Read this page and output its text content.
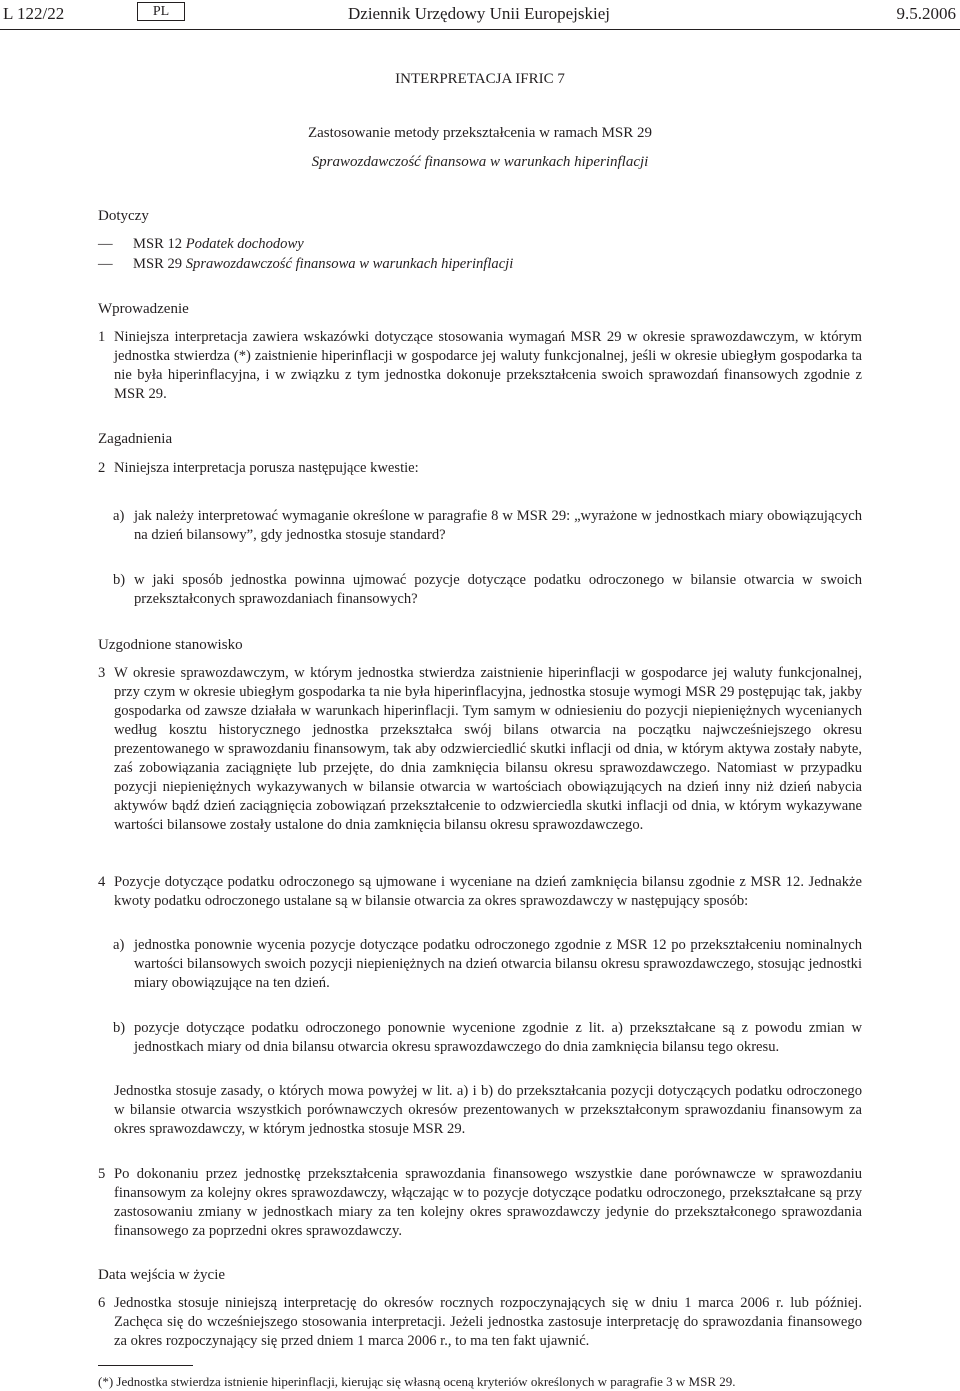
L 122/22	PL	Dziennik Urzędowy Unii Europejskiej	9.5.2006
INTERPRETACJA IFRIC 7
Zastosowanie metody przekształcenia w ramach MSR 29
Sprawozdawczość finansowa w warunkach hiperinflacji
Dotyczy
— MSR 12 Podatek dochodowy
— MSR 29 Sprawozdawczość finansowa w warunkach hiperinflacji
Wprowadzenie
1 Niniejsza interpretacja zawiera wskazówki dotyczące stosowania wymagań MSR 29 w okresie sprawozdawczym, w którym jednostka stwierdza (*) zaistnienie hiperinflacji w gospodarce jej waluty funkcjonalnej, jeśli w okresie ubiegłym gospodarka ta nie była hiperinflacyjna, i w związku z tym jednostka dokonuje przekształcenia swoich sprawozdań finansowych zgodnie z MSR 29.
Zagadnienia
2 Niniejsza interpretacja porusza następujące kwestie:
a) jak należy interpretować wymaganie określone w paragrafie 8 w MSR 29: „wyrażone w jednostkach miary obowiązujących na dzień bilansowy”, gdy jednostka stosuje standard?
b) w jaki sposób jednostka powinna ujmować pozycje dotyczące podatku odroczonego w bilansie otwarcia w swoich przekształconych sprawozdaniach finansowych?
Uzgodnione stanowisko
3 W okresie sprawozdawczym, w którym jednostka stwierdza zaistnienie hiperinflacji w gospodarce jej waluty funkcjonalnej, przy czym w okresie ubiegłym gospodarka ta nie była hiperinflacyjna, jednostka stosuje wymogi MSR 29 postępując tak, jakby gospodarka od zawsze działała w warunkach hiperinflacji. Tym samym w odniesieniu do pozycji niepieniężnych wycenianych według kosztu historycznego jednostka przekształca swój bilans otwarcia na początku najwcześniejszego okresu prezentowanego w sprawozdaniu finansowym, tak aby odzwierciedlić skutki inflacji od dnia, w którym aktywa zostały nabyte, zaś zobowiązania zaciągnięte lub przejęte, do dnia zamknięcia bilansu okresu sprawozdawczego. Natomiast w przypadku pozycji niepieniężnych wykazywanych w bilansie otwarcia w wartościach obowiązujących na dzień inny niż dzień nabycia aktywów bądź dzień zaciągnięcia zobowiązań przekształcenie to odzwierciedla skutki inflacji od dnia, w którym wykazywane wartości bilansowe zostały ustalone do dnia zamknięcia bilansu okresu sprawozdawczego.
4 Pozycje dotyczące podatku odroczonego są ujmowane i wyceniane na dzień zamknięcia bilansu zgodnie z MSR 12. Jednakże kwoty podatku odroczonego ustalane są w bilansie otwarcia za okres sprawozdawczy w następujący sposób:
a) jednostka ponownie wycenia pozycje dotyczące podatku odroczonego zgodnie z MSR 12 po przekształceniu nominalnych wartości bilansowych swoich pozycji niepieniężnych na dzień otwarcia bilansu okresu sprawozdawczego, stosując jednostki miary obowiązujące na ten dzień.
b) pozycje dotyczące podatku odroczonego ponownie wycenione zgodnie z lit. a) przekształcane są z powodu zmian w jednostkach miary od dnia bilansu otwarcia okresu sprawozdawczego do dnia zamknięcia bilansu tego okresu.
Jednostka stosuje zasady, o których mowa powyżej w lit. a) i b) do przekształcania pozycji dotyczących podatku odroczonego w bilansie otwarcia wszystkich porównawczych okresów prezentowanych w przekształconym sprawozdaniu finansowym za okres sprawozdawczy, w którym jednostka stosuje MSR 29.
5 Po dokonaniu przez jednostkę przekształcenia sprawozdania finansowego wszystkie dane porównawcze w sprawozdaniu finansowym za kolejny okres sprawozdawczy, włączając w to pozycje dotyczące podatku odroczonego, przekształcane są przy zastosowaniu zmiany w jednostkach miary za ten kolejny okres sprawozdawczy jedynie do przekształconego sprawozdania finansowego za poprzedni okres sprawozdawczy.
Data wejścia w życie
6 Jednostka stosuje niniejszą interpretację do okresów rocznych rozpoczynających się w dniu 1 marca 2006 r. lub później. Zachęca się do wcześniejszego stosowania interpretacji. Jeżeli jednostka zastosuje interpretację do sprawozdania finansowego za okres rozpoczynający się przed dniem 1 marca 2006 r., to ma ten fakt ujawnić.
(*) Jednostka stwierdza istnienie hiperinflacji, kierując się własną oceną kryteriów określonych w paragrafie 3 w MSR 29.
